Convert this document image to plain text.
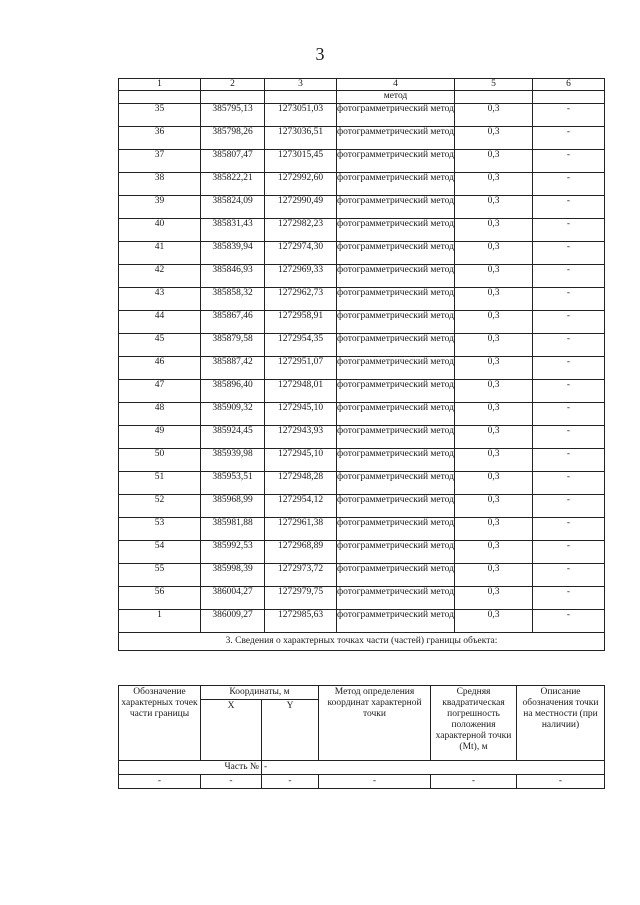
3
1	2	3	4	5	6
			метод		
35	385795,13	1273051,03	фотограмметрический метод	0,3	-
36	385798,26	1273036,51	фотограмметрический метод	0,3	-
37	385807,47	1273015,45	фотограмметрический метод	0,3	-
38	385822,21	1272992,60	фотограмметрический метод	0,3	-
39	385824,09	1272990,49	фотограмметрический метод	0,3	-
40	385831,43	1272982,23	фотограмметрический метод	0,3	-
41	385839,94	1272974,30	фотограмметрический метод	0,3	-
42	385846,93	1272969,33	фотограмметрический метод	0,3	-
43	385858,32	1272962,73	фотограмметрический метод	0,3	-
44	385867,46	1272958,91	фотограмметрический метод	0,3	-
45	385879,58	1272954,35	фотограмметрический метод	0,3	-
46	385887,42	1272951,07	фотограмметрический метод	0,3	-
47	385896,40	1272948,01	фотограмметрический метод	0,3	-
48	385909,32	1272945,10	фотограмметрический метод	0,3	-
49	385924,45	1272943,93	фотограмметрический метод	0,3	-
50	385939,98	1272945,10	фотограмметрический метод	0,3	-
51	385953,51	1272948,28	фотограмметрический метод	0,3	-
52	385968,99	1272954,12	фотограмметрический метод	0,3	-
53	385981,88	1272961,38	фотограмметрический метод	0,3	-
54	385992,53	1272968,89	фотограмметрический метод	0,3	-
55	385998,39	1272973,72	фотограмметрический метод	0,3	-
56	386004,27	1272979,75	фотограмметрический метод	0,3	-
1	386009,27	1272985,63	фотограмметрический метод	0,3	-
3. Сведения о характерных точках части (частей) границы объекта:					
Обозначение характерных точек части границы	Координаты, м		Метод определения координат характерной точки	Средняя квадратическая погрешность положения характерной точки (Mt), м	Описание обозначения точки на местности (при наличии)
	X	Y			
Часть №		-			
-	-	-	-	-	-
